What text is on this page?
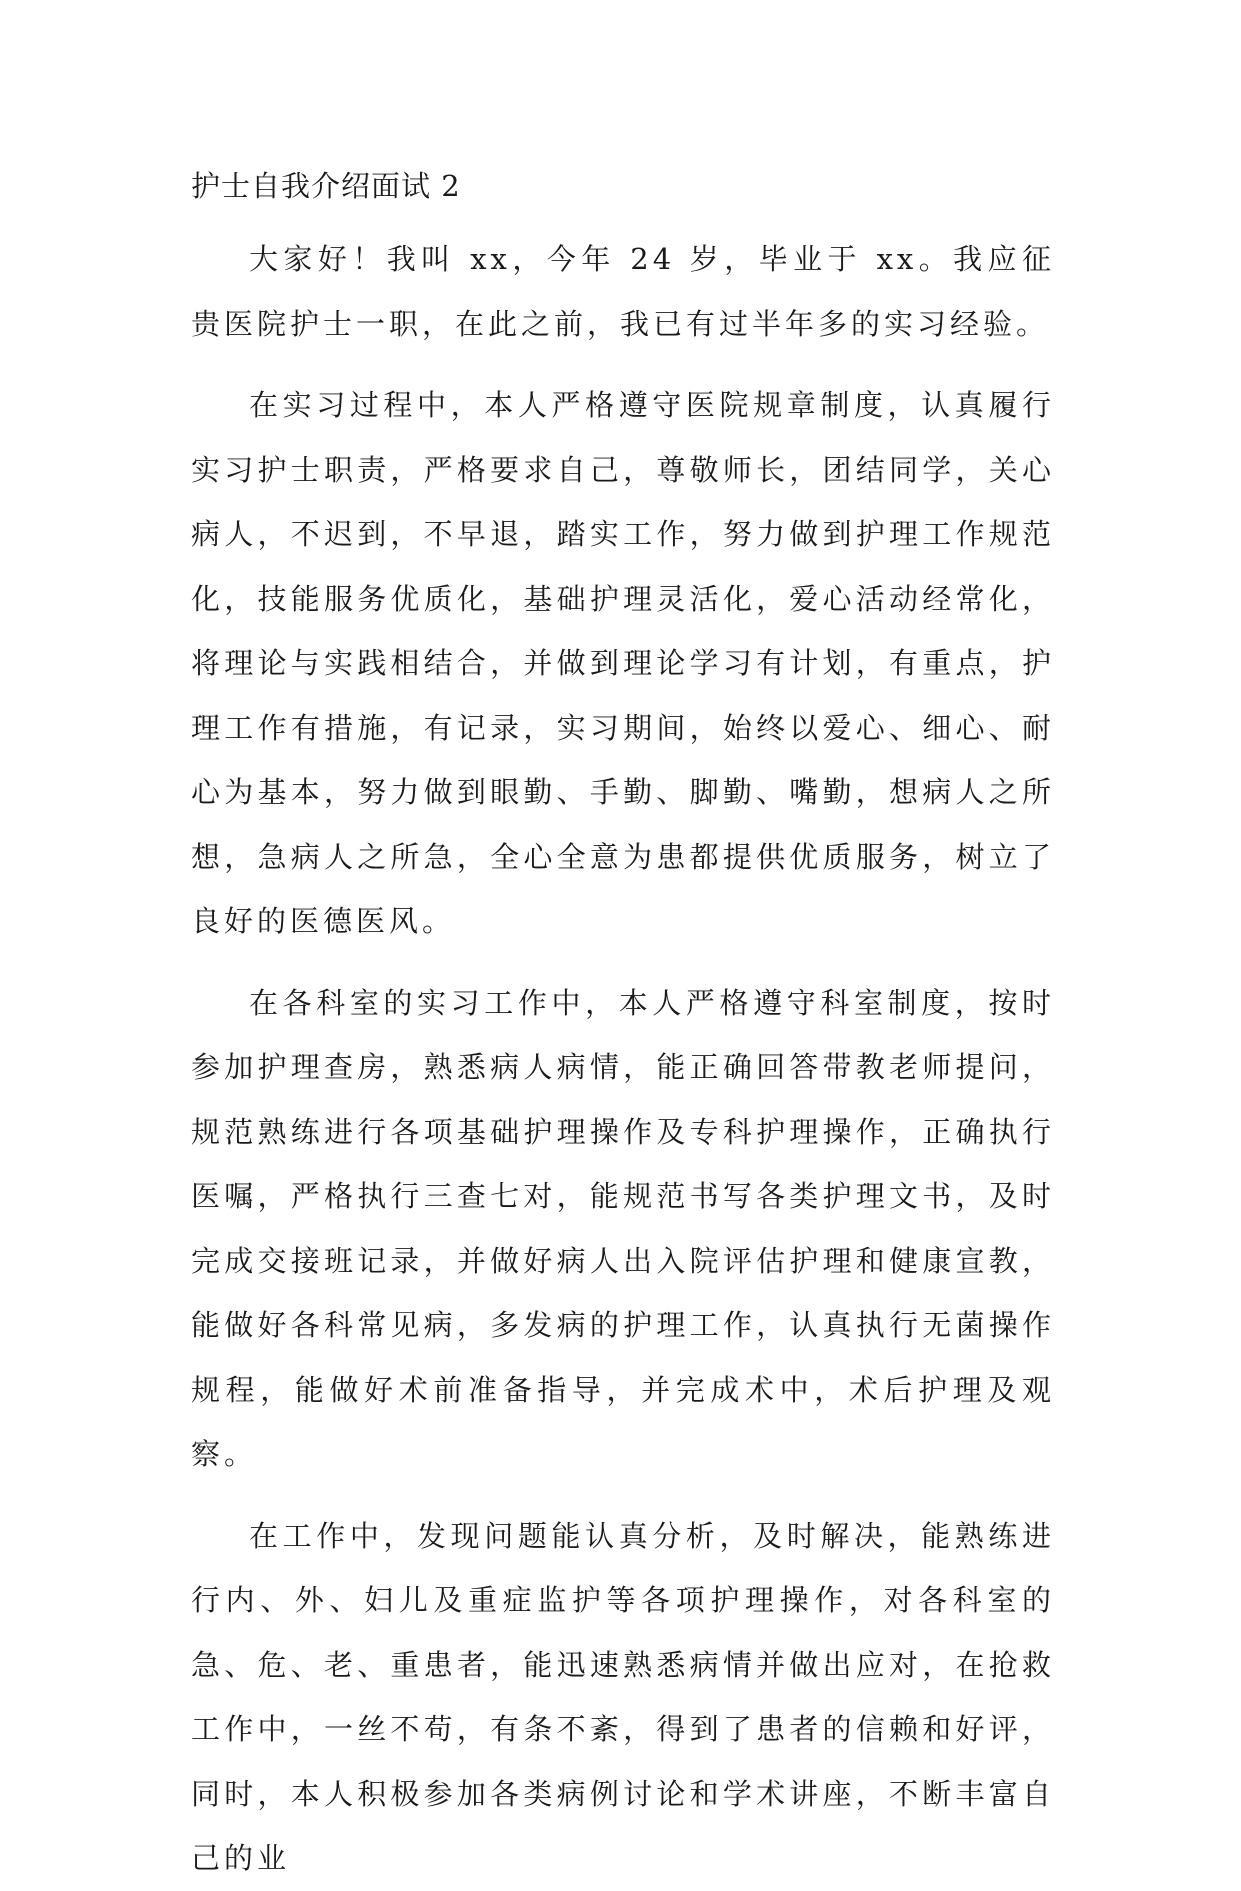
护士自我介绍面试 2

大家好！我叫 xx，今年 24 岁，毕业于 xx。我应征贵医院护士一职，在此之前，我已有过半年多的实习经验。

在实习过程中，本人严格遵守医院规章制度，认真履行实习护士职责，严格要求自己，尊敬师长，团结同学，关心病人，不迟到，不早退，踏实工作，努力做到护理工作规范化，技能服务优质化，基础护理灵活化，爱心活动经常化，将理论与实践相结合，并做到理论学习有计划，有重点，护理工作有措施，有记录，实习期间，始终以爱心、细心、耐心为基本，努力做到眼勤、手勤、脚勤、嘴勤，想病人之所想，急病人之所急，全心全意为患都提供优质服务，树立了良好的医德医风。

在各科室的实习工作中，本人严格遵守科室制度，按时参加护理查房，熟悉病人病情，能正确回答带教老师提问，规范熟练进行各项基础护理操作及专科护理操作，正确执行医嘱，严格执行三查七对，能规范书写各类护理文书，及时完成交接班记录，并做好病人出入院评估护理和健康宣教，能做好各科常见病，多发病的护理工作，认真执行无菌操作规程，能做好术前准备指导，并完成术中，术后护理及观察。

在工作中，发现问题能认真分析，及时解决，能熟练进行内、外、妇儿及重症监护等各项护理操作，对各科室的急、危、老、重患者，能迅速熟悉病情并做出应对，在抢救工作中，一丝不苟，有条不紊，得到了患者的信赖和好评，同时，本人积极参加各类病例讨论和学术讲座，不断丰富自己的业
